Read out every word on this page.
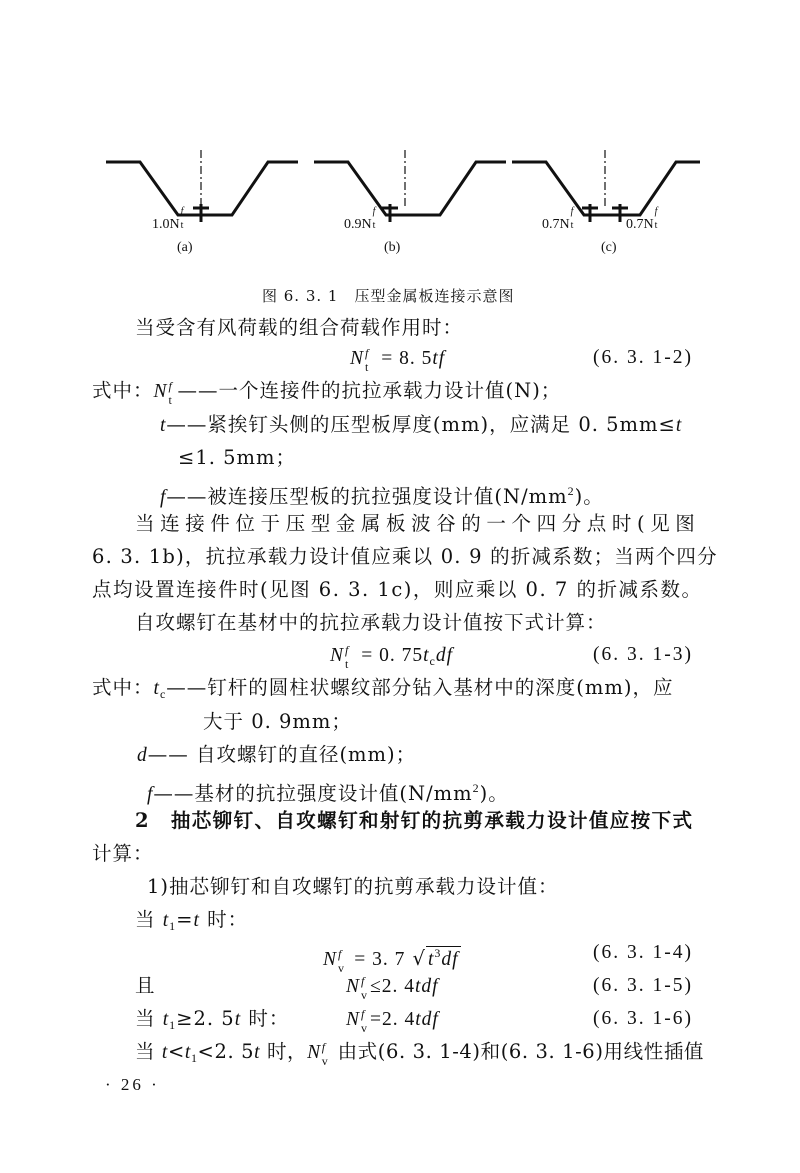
1.0N
f
t
(a)
0.9N
f
t
(b)
0.7N
f
t	0.7N
f
t
(c)
图 6. 3. 1　压型金属板连接示意图
当受含有风荷载的组合荷载作用时：
N f
t = 8. 5tf	(6. 3. 1-2)
式中：N f
t ——一个连接件的抗拉承载力设计值(N)；
t——紧挨钉头侧的压型板厚度(mm)，应满足 0. 5mm≤t
≤1. 5mm；
f——被连接压型板的抗拉强度设计值$(N/mm^2)$。
当连接件位于压型金属板波谷的一个四分点时(见图
6. 3. 1b)，抗拉承载力设计值应乘以 0. 9 的折减系数；当两个四分
点均设置连接件时(见图 6. 3. 1c)，则应乘以 0. 7 的折减系数。
自攻螺钉在基材中的抗拉承载力设计值按下式计算：
N f
t = 0. $75t_cdf$	(6. 3. 1-3)
式中：$t_c——$钉杆的圆柱状螺纹部分钻入基材中的深度(mm)，应
大于 0. 9mm；
d—— 自攻螺钉的直径(mm)；
f——基材的抗拉强度设计值$(N/mm^2)$。
2　抽芯铆钉、自攻螺钉和射钉的抗剪承载力设计值应按下式
计算：
1)抽芯铆钉和自攻螺钉的抗剪承载力设计值：
当 $t_1=t$ 时：
N f
v = 3. 7 √ $t^3df$	(6. 3. 1-4)
且	N f
v ≤2. 4tdf	(6. 3. 1-5)
当 $t_1\ge 2$. 5t 时：	N f
v =2. 4tdf	(6. 3. 1-6)
当 $t<t_1<2$. 5t 时，N f
v 由式(6. 3. 1-4)和(6. 3. 1-6)用线性插值
· 26 ·
